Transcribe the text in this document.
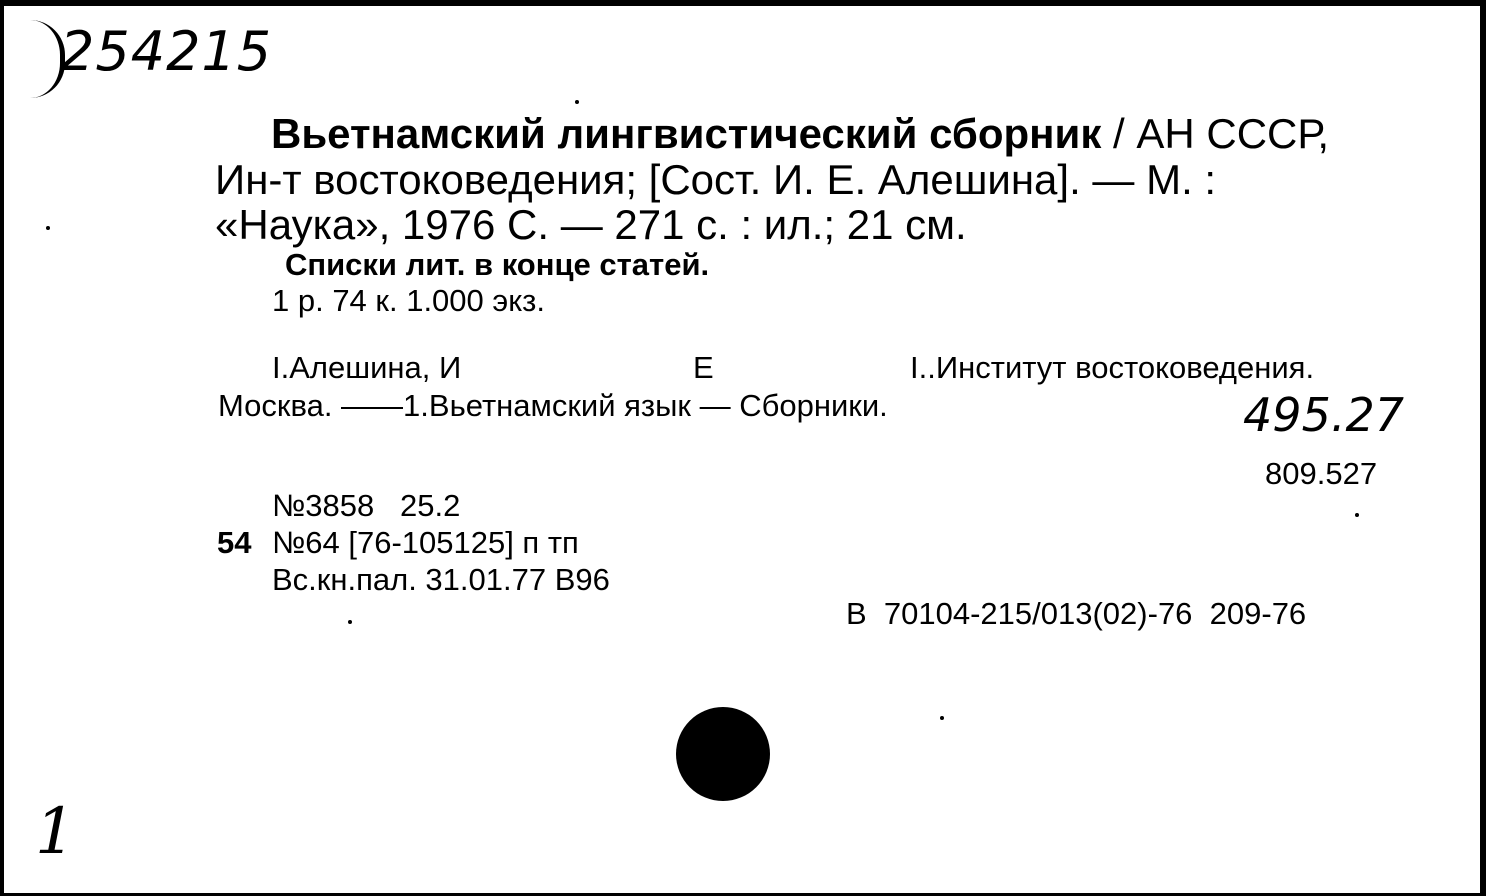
254215
Вьетнамский лингвистический сборник / АН СССР,
Ин-т востоковедения; [Сост. И. Е. Алешина]. — М. :
«Наука», 1976 С. — 271 с. : ил.; 21 см.
Списки лит. в конце статей.
1 р. 74 к. 1.000 экз.
I.Алешина, И	Е	I..Институт востоковедения.
Москва. ——1.Вьетнамский язык — Сборники.	495.27
809.527
№3858   25.2
54 №64 [76-105125] п тп
Вс.кн.пал. 31.01.77 В96
В  70104-215/013(02)-76  209-76
1
